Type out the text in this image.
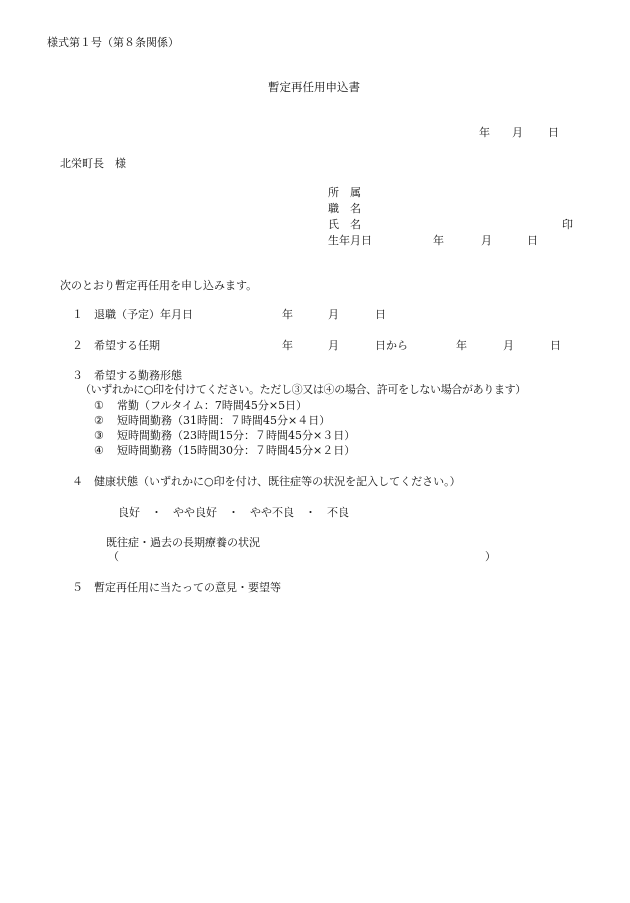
様式第１号（第８条関係）
暫定再任用申込書
年 月 日
北栄町長　様
所　属
職　名
氏　名	印
生年月日	年	月	日
次のとおり暫定再任用を申し込みます。
１ 退職（予定）年月日	年	月	日
２ 希望する任期	年	月	日から	年	月	日
３ 希望する勤務形態
（いずれかに○印を付けてください。ただし③又は④の場合、許可をしない場合があります）
① 常勤（フルタイム：7時間45分×5日）
② 短時間勤務（31時間：７時間45分×４日）
③ 短時間勤務（23時間15分：７時間45分×３日）
④ 短時間勤務（15時間30分：７時間45分×２日）
４ 健康状態（いずれかに○印を付け、既往症等の状況を記入してください。）
良好　・　やや良好　・　やや不良　・　不良
既往症・過去の長期療養の状況
（	）
５ 暫定再任用に当たっての意見・要望等
